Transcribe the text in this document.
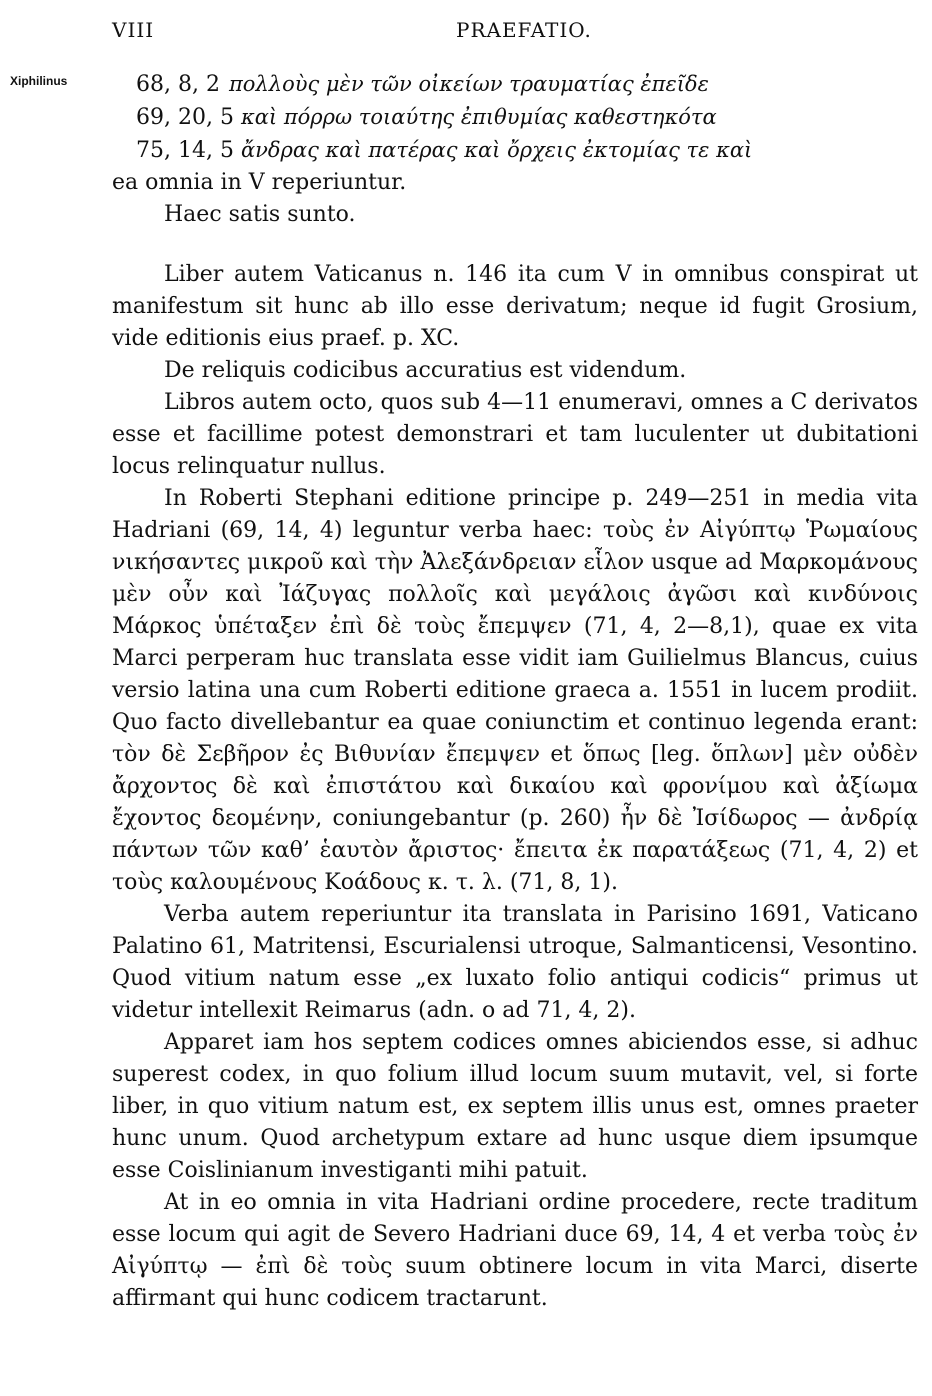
VIII	PRAEFATIO.
Xiphilinus	68, 8, 2 πολλοὺς μὲν τῶν οἰκείων τραυματίας ἐπεῖδε

69, 20, 5 καὶ πόρρω τοιαύτης ἐπιθυμίας καθεστηκότα

75, 14, 5 ἄνδρας καὶ πατέρας καὶ ὄρχεις ἐκτομίας τε καὶ

ea omnia in V reperiuntur.

Haec satis sunto.

Liber autem Vaticanus n. 146 ita cum V in omnibus conspirat ut manifestum sit hunc ab illo esse derivatum; neque id fugit Grosium, vide editionis eius praef. p. XC.

De reliquis codicibus accuratius est videndum.

Libros autem octo, quos sub 4—11 enumeravi, omnes a C derivatos esse et facillime potest demonstrari et tam luculenter ut dubitationi locus relinquatur nullus.

In Roberti Stephani editione principe p. 249—251 in media vita Hadriani (69, 14, 4) leguntur verba haec: τοὺς ἐν Αἰγύπτῳ Ῥωμαίους νικήσαντες μικροῦ καὶ τὴν Ἀλεξάνδρειαν εἷλον usque ad Μαρκομάνους μὲν οὖν καὶ Ἰάζυγας πολλοῖς καὶ μεγάλοις ἀγῶσι καὶ κινδύνοις Μάρκος ὑπέταξεν ἐπὶ δὲ τοὺς ἔπεμψεν (71, 4, 2—8,1), quae ex vita Marci perperam huc translata esse vidit iam Guilielmus Blancus, cuius versio latina una cum Roberti editione graeca a. 1551 in lucem prodiit. Quo facto divellebantur ea quae coniunctim et continuo legenda erant: τὸν δὲ Σεβῆρον ἐς Βιθυνίαν ἔπεμψεν et ὅπως [leg. ὅπλων] μὲν οὐδὲν ἄρχοντος δὲ καὶ ἐπιστάτου καὶ δικαίου καὶ φρονίμου καὶ ἀξίωμα ἔχοντος δεομένην, coniungebantur (p. 260) ἦν δὲ Ἰσίδωρος — ἀνδρίᾳ πάντων τῶν καθ’ ἑαυτὸν ἄριστος· ἔπειτα ἐκ παρατάξεως (71, 4, 2) et τοὺς καλουμένους Κοάδους κ. τ. λ. (71, 8, 1).

Verba autem reperiuntur ita translata in Parisino 1691, Vaticano Palatino 61, Matritensi, Escurialensi utroque, Salmanticensi, Vesontino. Quod vitium natum esse „ex luxato folio antiqui codicis“ primus ut videtur intellexit Reimarus (adn. o ad 71, 4, 2).

Apparet iam hos septem codices omnes abiciendos esse, si adhuc superest codex, in quo folium illud locum suum mutavit, vel, si forte liber, in quo vitium natum est, ex septem illis unus est, omnes praeter hunc unum. Quod archetypum extare ad hunc usque diem ipsumque esse Coislinianum investiganti mihi patuit.

At in eo omnia in vita Hadriani ordine procedere, recte traditum esse locum qui agit de Severo Hadriani duce 69, 14, 4 et verba τοὺς ἐν Αἰγύπτῳ — ἐπὶ δὲ τοὺς suum obtinere locum in vita Marci, diserte affirmant qui hunc codicem tractarunt.
